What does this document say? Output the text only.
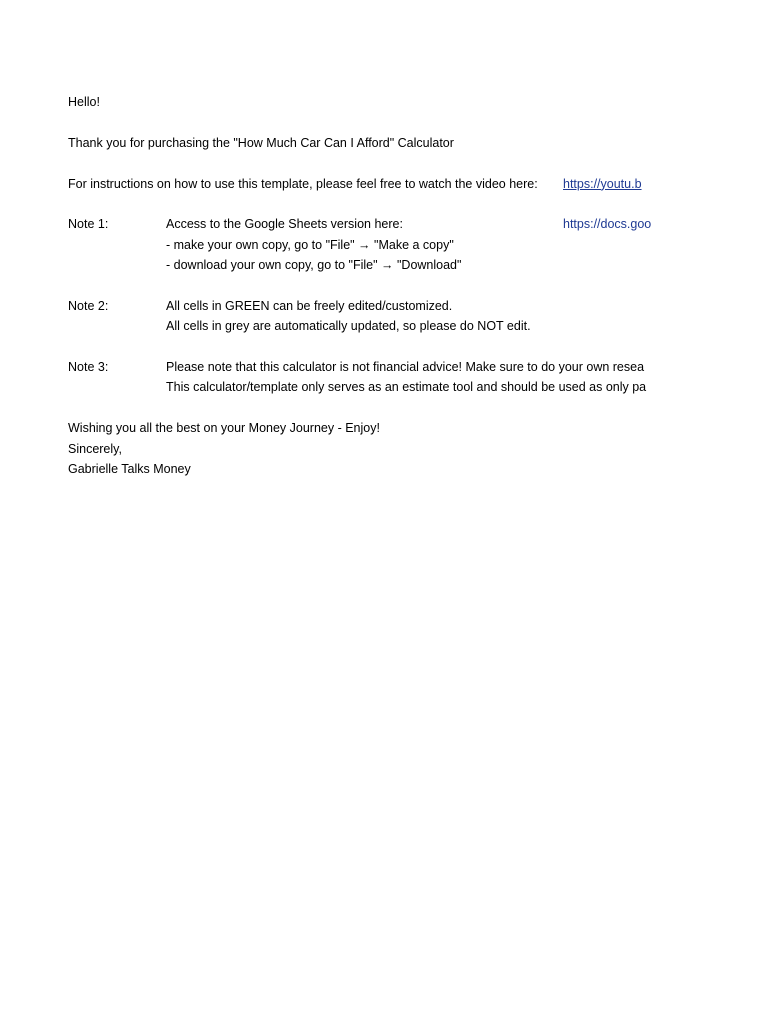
Hello!
Thank you for purchasing the "How Much Car Can I Afford" Calculator
For instructions on how to use this template, please feel free to watch the video here: https://youtu.b
Note 1:	Access to the Google Sheets version here:	https://docs.goo
- make your own copy, go to "File" → "Make a copy"
- download your own copy, go to "File" → "Download"
Note 2:	All cells in GREEN can be freely edited/customized.
All cells in grey are automatically updated, so please do NOT edit.
Note 3:	Please note that this calculator is not financial advice! Make sure to do your own resea
This calculator/template only serves as an estimate tool and should be used as only pa
Wishing you all the best on your Money Journey - Enjoy!
Sincerely,
Gabrielle Talks Money
